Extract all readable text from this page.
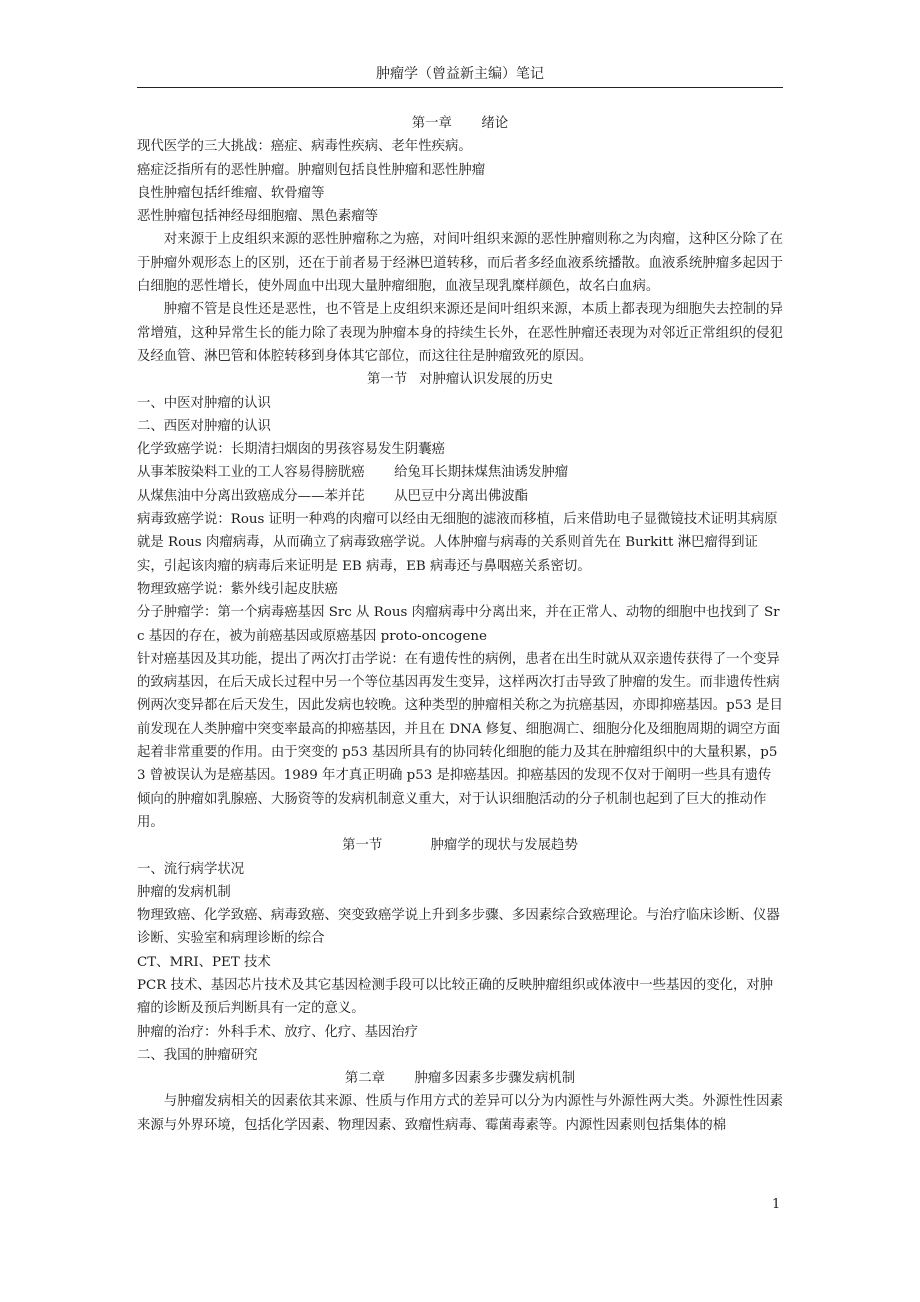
肿瘤学（曾益新主编）笔记

第一章 绪论

现代医学的三大挑战：癌症、病毒性疾病、老年性疾病。

癌症泛指所有的恶性肿瘤。肿瘤则包括良性肿瘤和恶性肿瘤

良性肿瘤包括纤维瘤、软骨瘤等

恶性肿瘤包括神经母细胞瘤、黑色素瘤等

对来源于上皮组织来源的恶性肿瘤称之为癌，对间叶组织来源的恶性肿瘤则称之为肉瘤，这种区分除了在于肿瘤外观形态上的区别，还在于前者易于经淋巴道转移，而后者多经血液系统播散。血液系统肿瘤多起因于白细胞的恶性增长，使外周血中出现大量肿瘤细胞，血液呈现乳糜样颜色，故名白血病。

肿瘤不管是良性还是恶性，也不管是上皮组织来源还是间叶组织来源，本质上都表现为细胞失去控制的异常增殖，这种异常生长的能力除了表现为肿瘤本身的持续生长外，在恶性肿瘤还表现为对邻近正常组织的侵犯及经血管、淋巴管和体腔转移到身体其它部位，而这往往是肿瘤致死的原因。

第一节 对肿瘤认识发展的历史

一、中医对肿瘤的认识

二、西医对肿瘤的认识

化学致癌学说：长期清扫烟囱的男孩容易发生阴囊癌

从事苯胺染料工业的工人容易得膀胱癌 给兔耳长期抹煤焦油诱发肿瘤

从煤焦油中分离出致癌成分——苯并芘 从巴豆中分离出佛波酯

病毒致癌学说：Rous 证明一种鸡的肉瘤可以经由无细胞的滤液而移植，后来借助电子显微镜技术证明其病原就是 Rous 肉瘤病毒，从而确立了病毒致癌学说。人体肿瘤与病毒的关系则首先在 Burkitt 淋巴瘤得到证实，引起该肉瘤的病毒后来证明是 EB 病毒，EB 病毒还与鼻咽癌关系密切。

物理致癌学说：紫外线引起皮肤癌

分子肿瘤学：第一个病毒癌基因 Src 从 Rous 肉瘤病毒中分离出来，并在正常人、动物的细胞中也找到了 Src 基因的存在，被为前癌基因或原癌基因 proto-oncogene

针对癌基因及其功能，提出了两次打击学说：在有遗传性的病例，患者在出生时就从双亲遗传获得了一个变异的致病基因，在后天成长过程中另一个等位基因再发生变异，这样两次打击导致了肿瘤的发生。而非遗传性病例两次变异都在后天发生，因此发病也较晚。这种类型的肿瘤相关称之为抗癌基因，亦即抑癌基因。p53 是目前发现在人类肿瘤中突变率最高的抑癌基因，并且在 DNA 修复、细胞凋亡、细胞分化及细胞周期的调空方面起着非常重要的作用。由于突变的 p53 基因所具有的协同转化细胞的能力及其在肿瘤组织中的大量积累，p53 曾被误认为是癌基因。1989 年才真正明确 p53 是抑癌基因。抑癌基因的发现不仅对于阐明一些具有遗传倾向的肿瘤如乳腺癌、大肠资等的发病机制意义重大，对于认识细胞活动的分子机制也起到了巨大的推动作用。

第一节	肿瘤学的现状与发展趋势

一、流行病学状况

肿瘤的发病机制

物理致癌、化学致癌、病毒致癌、突变致癌学说上升到多步骤、多因素综合致癌理论。与治疗临床诊断、仪器诊断、实验室和病理诊断的综合

CT、MRI、PET 技术

PCR 技术、基因芯片技术及其它基因检测手段可以比较正确的反映肿瘤组织或体液中一些基因的变化，对肿瘤的诊断及预后判断具有一定的意义。

肿瘤的治疗：外科手术、放疗、化疗、基因治疗

二、我国的肿瘤研究

第二章 肿瘤多因素多步骤发病机制

与肿瘤发病相关的因素依其来源、性质与作用方式的差异可以分为内源性与外源性两大类。外源性性因素来源与外界环境，包括化学因素、物理因素、致瘤性病毒、霉菌毒素等。内源性因素则包括集体的棉

1
